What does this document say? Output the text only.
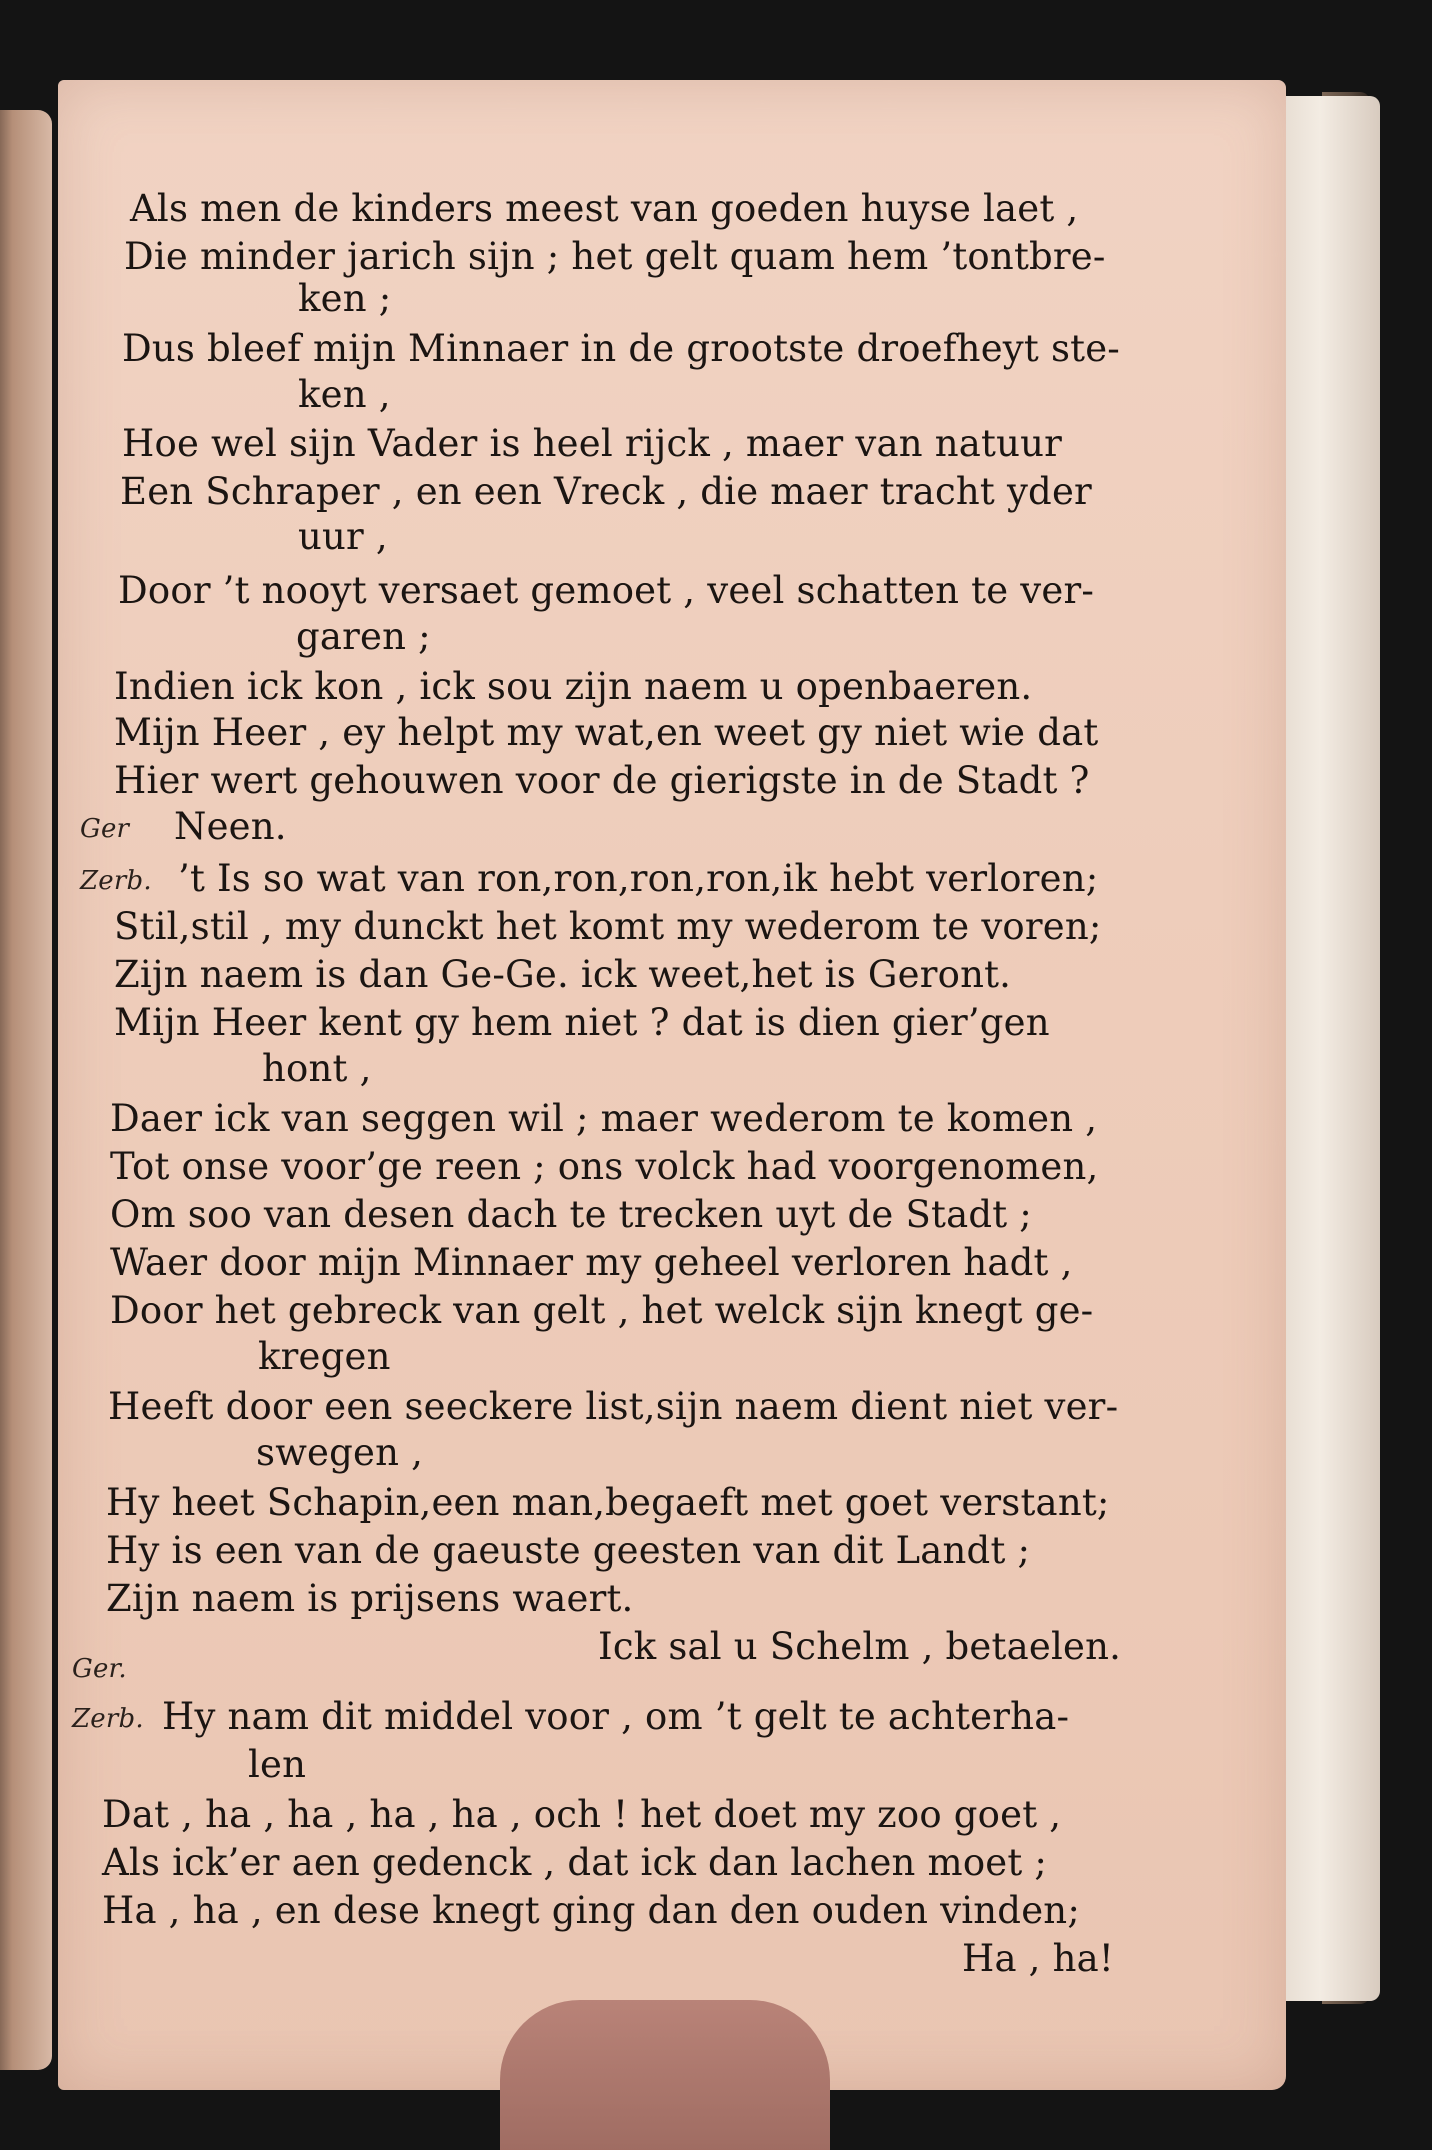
Als men de kinders meest van goeden huyse laet ,
Die minder jarich sijn ; het gelt quam hem ’tontbre-
ken ;
Dus bleef mijn Minnaer in de grootste droefheyt ste-
ken ,
Hoe wel sijn Vader is heel rijck , maer van natuur
Een Schraper , en een Vreck , die maer tracht yder
uur ,
Door ’t nooyt versaet gemoet , veel schatten te ver-
garen ;
Indien ick kon , ick sou zijn naem u openbaeren.
Mijn Heer , ey helpt my wat,en weet gy niet wie dat
Hier wert gehouwen voor de gierigste in de Stadt ?
Ger Neen.
Zerb. ’t Is so wat van ron,ron,ron,ron,ik hebt verloren;
Stil,stil , my dunckt het komt my wederom te voren;
Zijn naem is dan Ge-Ge. ick weet,het is Geront.
Mijn Heer kent gy hem niet ? dat is dien gier’gen
hont ,
Daer ick van seggen wil ; maer wederom te komen ,
Tot onse voor’ge reen ; ons volck had voorgenomen,
Om soo van desen dach te trecken uyt de Stadt ;
Waer door mijn Minnaer my geheel verloren hadt ,
Door het gebreck van gelt , het welck sijn knegt ge-
kregen
Heeft door een seeckere list,sijn naem dient niet ver-
swegen ,
Hy heet Schapin,een man,begaeft met goet verstant;
Hy is een van de gaeuste geesten van dit Landt ;
Zijn naem is prijsens waert.
Ick sal u Schelm , betaelen.
Ger.
Zerb. Hy nam dit middel voor , om ’t gelt te achterha-
len
Dat , ha , ha , ha , ha , och ! het doet my zoo goet ,
Als ick’er aen gedenck , dat ick dan lachen moet ;
Ha , ha , en dese knegt ging dan den ouden vinden;
Ha , ha!
